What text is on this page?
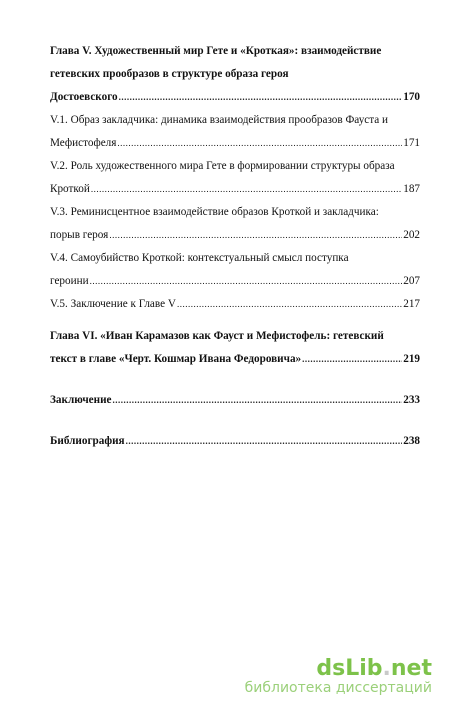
Глава V. Художественный мир Гете и «Кроткая»: взаимодействие
гетевских прообразов в структуре образа героя
Достоевского .....	170
V.1. Образ закладчика: динамика взаимодействия прообразов Фауста и
Мефистофеля .....	171
V.2. Роль художественного мира Гете в формировании структуры образа
Кроткой .....	187
V.3. Реминисцентное взаимодействие образов Кроткой и закладчика:
порыв героя .....	202
V.4. Самоубийство Кроткой: контекстуальный смысл поступка
героини .....	207
V.5. Заключение к Главе V .....	217
Глава VI. «Иван Карамазов как Фауст и Мефистофель: гетевский
текст в главе «Черт. Кошмар Ивана Федоровича» .....	219
Заключение .....	233
Библиография .....	238
dsLib.net
библиотека диссертаций
